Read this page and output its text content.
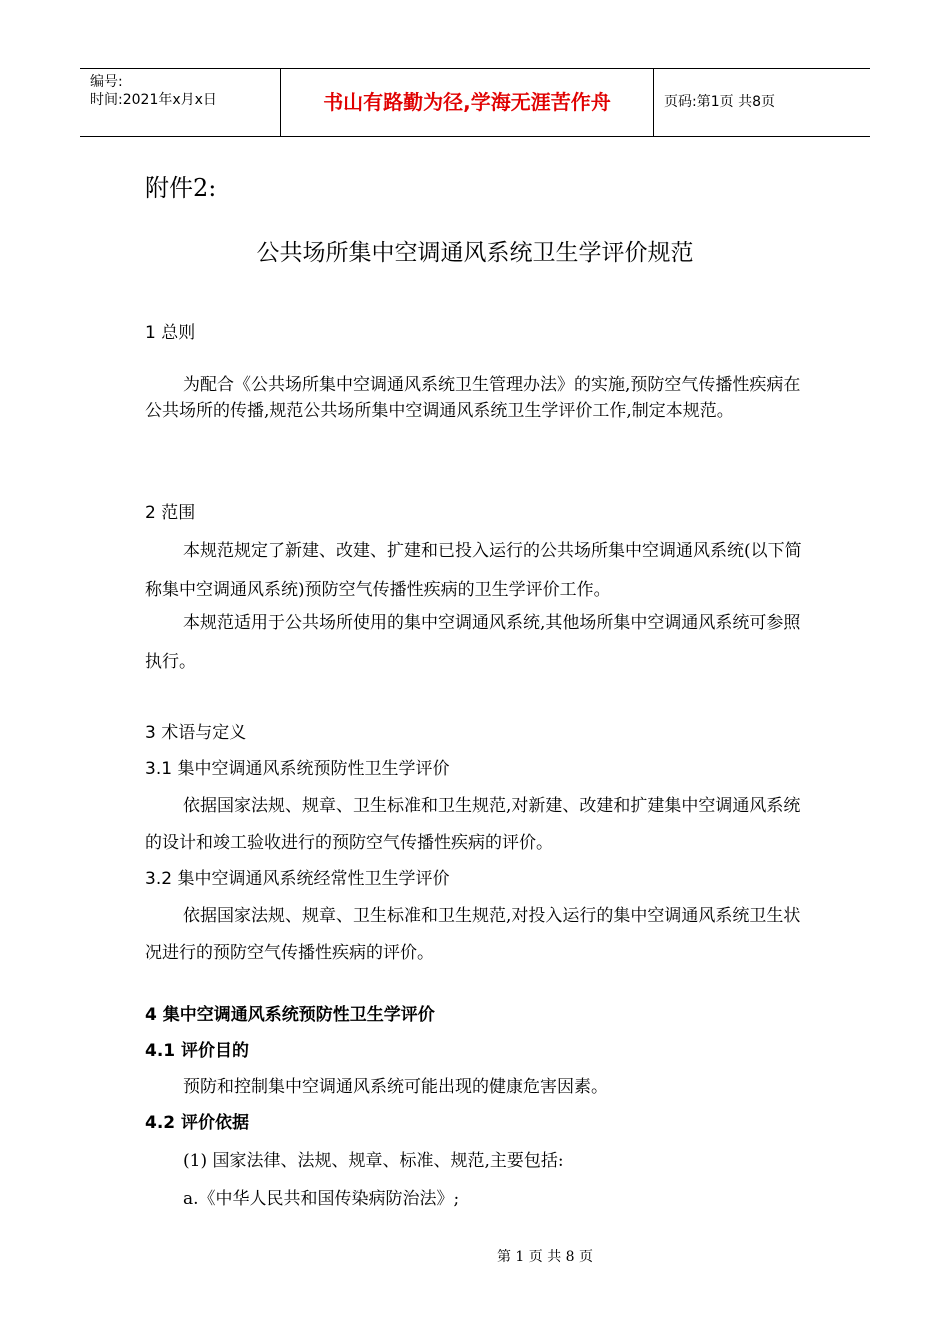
编号:
时间:2021年x月x日	书山有路勤为径,学海无涯苦作舟	页码:第1页 共8页
附件2:
公共场所集中空调通风系统卫生学评价规范
1 总则
为配合《公共场所集中空调通风系统卫生管理办法》的实施,预防空气传播性疾病在公共场所的传播,规范公共场所集中空调通风系统卫生学评价工作,制定本规范。
2 范围
本规范规定了新建、改建、扩建和已投入运行的公共场所集中空调通风系统(以下简称集中空调通风系统)预防空气传播性疾病的卫生学评价工作。
本规范适用于公共场所使用的集中空调通风系统,其他场所集中空调通风系统可参照执行。
3 术语与定义
3.1 集中空调通风系统预防性卫生学评价
依据国家法规、规章、卫生标准和卫生规范,对新建、改建和扩建集中空调通风系统的设计和竣工验收进行的预防空气传播性疾病的评价。
3.2 集中空调通风系统经常性卫生学评价
依据国家法规、规章、卫生标准和卫生规范,对投入运行的集中空调通风系统卫生状况进行的预防空气传播性疾病的评价。
4 集中空调通风系统预防性卫生学评价
4.1 评价目的
预防和控制集中空调通风系统可能出现的健康危害因素。
4.2 评价依据
(1) 国家法律、法规、规章、标准、规范,主要包括:
a.《中华人民共和国传染病防治法》;
第 1 页 共 8 页
